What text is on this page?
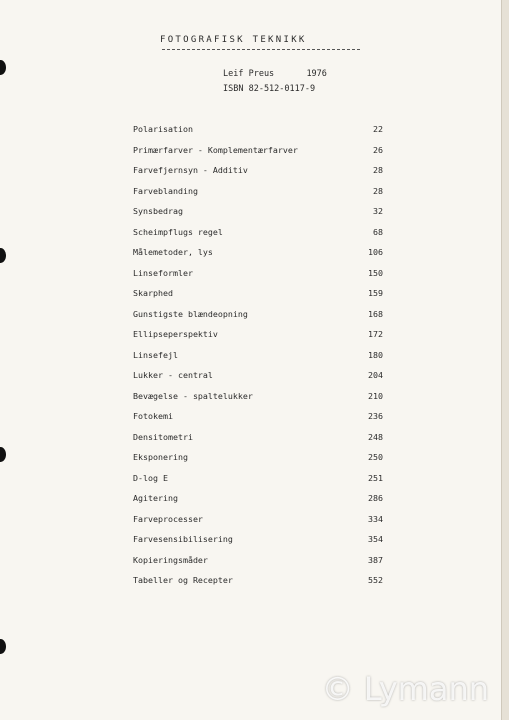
FOTOGRAFISK TEKNIKK
Leif Preus	1976
ISBN 82-512-0117-9
Polarisation	22
Primærfarver - Komplementærfarver	26
Farvefjernsyn - Additiv	28
Farveblanding	28
Synsbedrag	32
Scheimpflugs regel	68
Målemetoder, lys	106
Linseformler	150
Skarphed	159
Gunstigste blændeopning	168
Ellipseperspektiv	172
Linsefejl	180
Lukker - central	204
Bevægelse - spaltelukker	210
Fotokemi	236
Densitometri	248
Eksponering	250
D-log E	251
Agitering	286
Farveprocesser	334
Farvesensibilisering	354
Kopieringsmåder	387
Tabeller og Recepter	552
© Lymann
